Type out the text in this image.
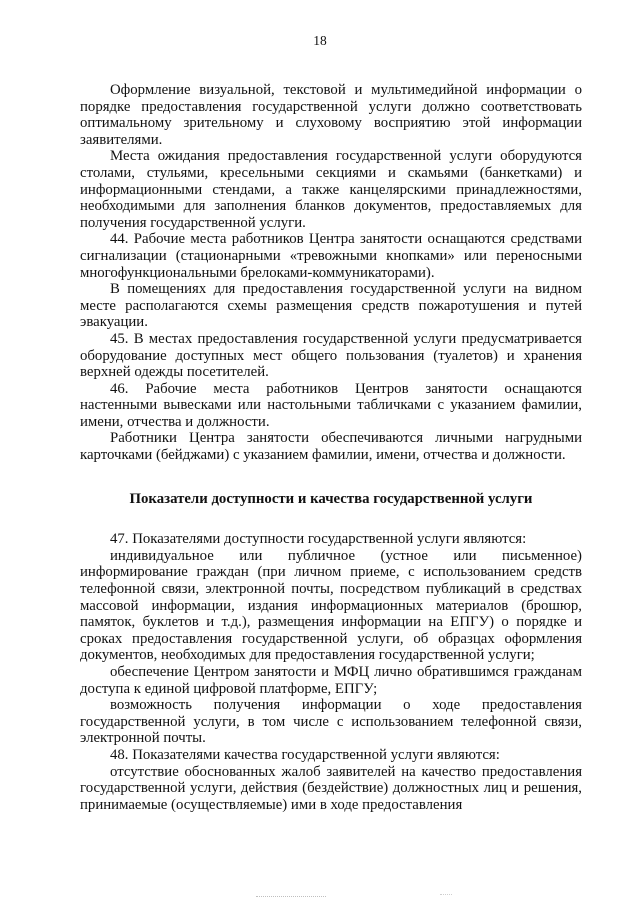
18

Оформление визуальной, текстовой и мультимедийной информации о порядке предоставления государственной услуги должно соответствовать оптимальному зрительному и слуховому восприятию этой информации заявителями.

Места ожидания предоставления государственной услуги оборудуются столами, стульями, кресельными секциями и скамьями (банкетками) и информационными стендами, а также канцелярскими принадлежностями, необходимыми для заполнения бланков документов, предоставляемых для получения государственной услуги.

44. Рабочие места работников Центра занятости оснащаются средствами сигнализации (стационарными «тревожными кнопками» или переносными многофункциональными брелоками-коммуникаторами).

В помещениях для предоставления государственной услуги на видном месте располагаются схемы размещения средств пожаротушения и путей эвакуации.

45. В местах предоставления государственной услуги предусматривается оборудование доступных мест общего пользования (туалетов) и хранения верхней одежды посетителей.

46. Рабочие места работников Центров занятости оснащаются настенными вывесками или настольными табличками с указанием фамилии, имени, отчества и должности.

Работники Центра занятости обеспечиваются личными нагрудными карточками (бейджами) с указанием фамилии, имени, отчества и должности.

Показатели доступности и качества государственной услуги

47. Показателями доступности государственной услуги являются:

индивидуальное или публичное (устное или письменное) информирование граждан (при личном приеме, с использованием средств телефонной связи, электронной почты, посредством публикаций в средствах массовой информации, издания информационных материалов (брошюр, памяток, буклетов и т.д.), размещения информации на ЕПГУ) о порядке и сроках предоставления государственной услуги, об образцах оформления документов, необходимых для предоставления государственной услуги;

обеспечение Центром занятости и МФЦ лично обратившимся гражданам доступа к единой цифровой платформе, ЕПГУ;

возможность получения информации о ходе предоставления государственной услуги, в том числе с использованием телефонной связи, электронной почты.

48. Показателями качества государственной услуги являются:

отсутствие обоснованных жалоб заявителей на качество предоставления государственной услуги, действия (бездействие) должностных лиц и решения, принимаемые (осуществляемые) ими в ходе предоставления
